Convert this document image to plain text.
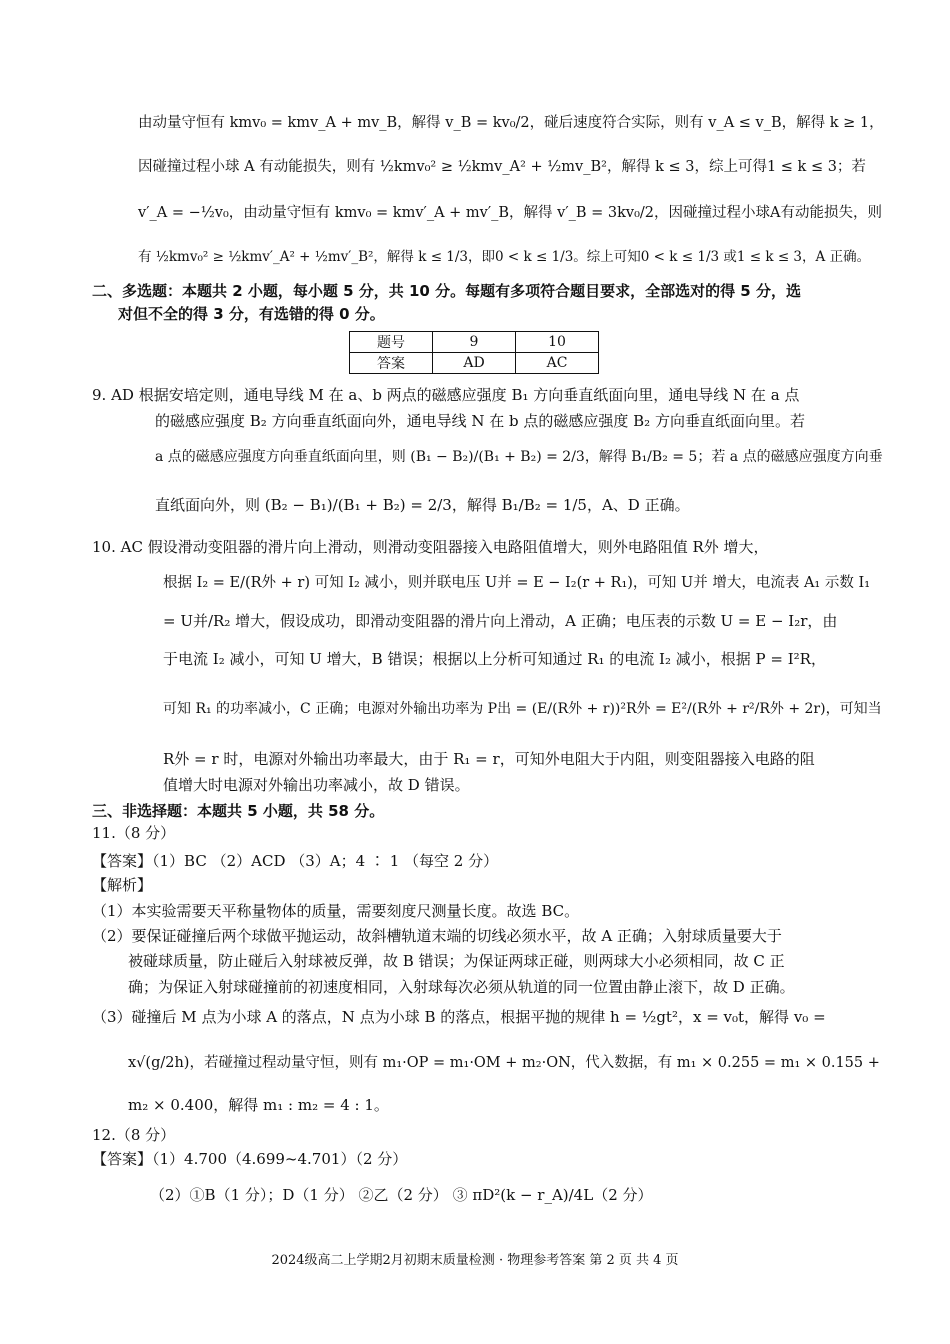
由动量守恒有 kmv₀ = kmv_A + mv_B，解得 v_B = kv₀/2，碰后速度符合实际，则有 v_A ≤ v_B，解得 k ≥ 1，
因碰撞过程小球 A 有动能损失，则有 ½kmv₀² ≥ ½kmv_A² + ½mv_B²，解得 k ≤ 3，综上可得1 ≤ k ≤ 3；若
v′_A = −½v₀，由动量守恒有 kmv₀ = kmv′_A + mv′_B，解得 v′_B = 3kv₀/2，因碰撞过程小球A有动能损失，则
有 ½kmv₀² ≥ ½kmv′_A² + ½mv′_B²，解得 k ≤ 1/3，即0 < k ≤ 1/3。综上可知0 < k ≤ 1/3 或1 ≤ k ≤ 3，A 正确。
二、多选题：本题共 2 小题，每小题 5 分，共 10 分。每题有多项符合题目要求，全部选对的得 5 分，选
对但不全的得 3 分，有选错的得 0 分。
题号	9	10
答案	AD	AC
9. AD 根据安培定则，通电导线 M 在 a、b 两点的磁感应强度 B₁ 方向垂直纸面向里，通电导线 N 在 a 点
的磁感应强度 B₂ 方向垂直纸面向外，通电导线 N 在 b 点的磁感应强度 B₂ 方向垂直纸面向里。若
a 点的磁感应强度方向垂直纸面向里，则 (B₁ − B₂)/(B₁ + B₂) = 2/3，解得 B₁/B₂ = 5；若 a 点的磁感应强度方向垂
直纸面向外，则 (B₂ − B₁)/(B₁ + B₂) = 2/3，解得 B₁/B₂ = 1/5，A、D 正确。
10. AC 假设滑动变阻器的滑片向上滑动，则滑动变阻器接入电路阻值增大，则外电路阻值 R外 增大，
根据 I₂ = E/(R外 + r) 可知 I₂ 减小，则并联电压 U并 = E − I₂(r + R₁)，可知 U并 增大，电流表 A₁ 示数 I₁
= U并/R₂ 增大，假设成功，即滑动变阻器的滑片向上滑动，A 正确；电压表的示数 U = E − I₂r，由
于电流 I₂ 减小，可知 U 增大，B 错误；根据以上分析可知通过 R₁ 的电流 I₂ 减小，根据 P = I²R，
可知 R₁ 的功率减小，C 正确；电源对外输出功率为 P出 = (E/(R外 + r))²R外 = E²/(R外 + r²/R外 + 2r)，可知当
R外 = r 时，电源对外输出功率最大，由于 R₁ = r，可知外电阻大于内阻，则变阻器接入电路的阻
值增大时电源对外输出功率减小，故 D 错误。
三、非选择题：本题共 5 小题，共 58 分。
11.（8 分）
【答案】（1）BC （2）ACD （3）A；4 ∶ 1 （每空 2 分）
【解析】
（1）本实验需要天平称量物体的质量，需要刻度尺测量长度。故选 BC。
（2）要保证碰撞后两个球做平抛运动，故斜槽轨道末端的切线必须水平，故 A 正确；入射球质量要大于
被碰球质量，防止碰后入射球被反弹，故 B 错误；为保证两球正碰，则两球大小必须相同，故 C 正
确；为保证入射球碰撞前的初速度相同，入射球每次必须从轨道的同一位置由静止滚下，故 D 正确。
（3）碰撞后 M 点为小球 A 的落点，N 点为小球 B 的落点，根据平抛的规律 h = ½gt²，x = v₀t，解得 v₀ =
x√(g/2h)，若碰撞过程动量守恒，则有 m₁·OP = m₁·OM + m₂·ON，代入数据，有 m₁ × 0.255 = m₁ × 0.155 +
m₂ × 0.400，解得 m₁ : m₂ = 4 : 1。
12.（8 分）
【答案】（1）4.700（4.699~4.701）（2 分）
（2）①B（1 分）；D（1 分） ②乙（2 分） ③ πD²(k − r_A)/4L（2 分）
2024级高二上学期2月初期末质量检测 · 物理参考答案 第 2 页 共 4 页
